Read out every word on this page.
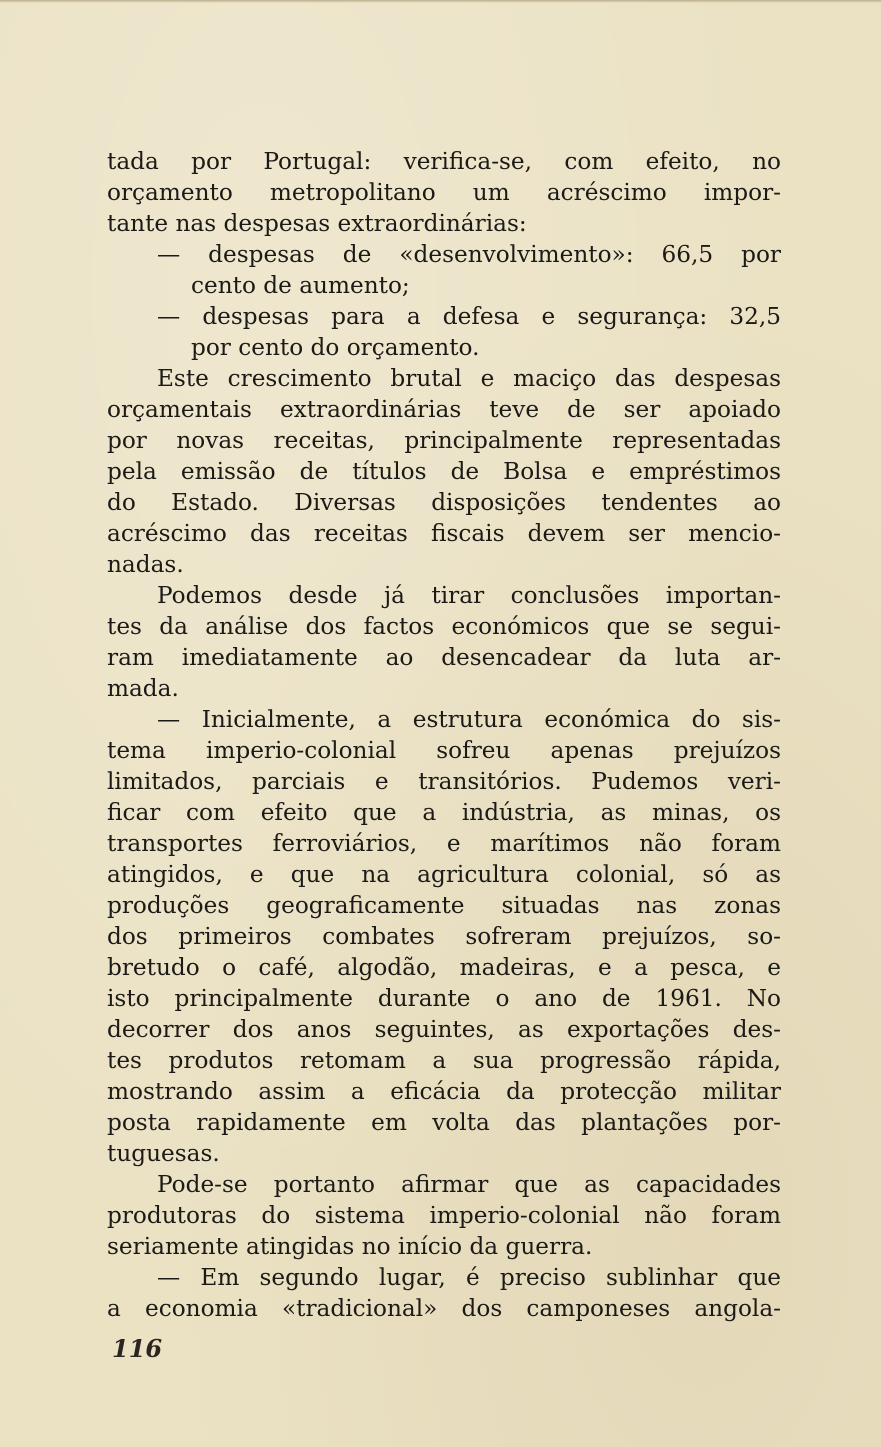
tada por Portugal: verifica-se, com efeito, no
orçamento metropolitano um acréscimo impor-
tante nas despesas extraordinárias:
— despesas de «desenvolvimento»: 66,5 por
cento de aumento;
— despesas para a defesa e segurança: 32,5
por cento do orçamento.
Este crescimento brutal e maciço das despesas
orçamentais extraordinárias teve de ser apoiado
por novas receitas, principalmente representadas
pela emissão de títulos de Bolsa e empréstimos
do Estado. Diversas disposições tendentes ao
acréscimo das receitas fiscais devem ser mencio-
nadas.
Podemos desde já tirar conclusões importan-
tes da análise dos factos económicos que se segui-
ram imediatamente ao desencadear da luta ar-
mada.
— Inicialmente, a estrutura económica do sis-
tema imperio-colonial sofreu apenas prejuízos
limitados, parciais e transitórios. Pudemos veri-
ficar com efeito que a indústria, as minas, os
transportes ferroviários, e marítimos não foram
atingidos, e que na agricultura colonial, só as
produções geograficamente situadas nas zonas
dos primeiros combates sofreram prejuízos, so-
bretudo o café, algodão, madeiras, e a pesca, e
isto principalmente durante o ano de 1961. No
decorrer dos anos seguintes, as exportações des-
tes produtos retomam a sua progressão rápida,
mostrando assim a eficácia da protecção militar
posta rapidamente em volta das plantações por-
tuguesas.
Pode-se portanto afirmar que as capacidades
produtoras do sistema imperio-colonial não foram
seriamente atingidas no início da guerra.
— Em segundo lugar, é preciso sublinhar que
a economia «tradicional» dos camponeses angola-
116
